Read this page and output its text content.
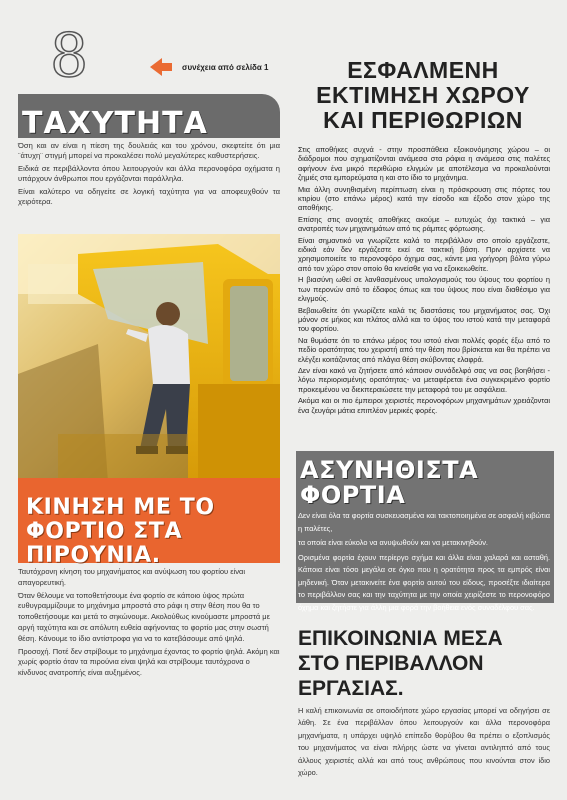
8	συνέχεια από σελίδα 1	ΕΣΦΑΛΜΕΝΗ
ΕΚΤΙΜΗΣΗ ΧΩΡΟΥ
ΚΑΙ ΠΕΡΙΘΩΡΙΩΝ

Στις αποθήκες συχνά - στην προσπάθεια εξοικονόμησης χώρου – οι διάδρομοι που σχηματίζονται ανάμεσα στα ράφια η ανάμεσα στις παλέτες αφήνουν ένα μικρό περιθώριο ελιγμών με αποτέλεσμα να προκαλούνται ζημιές στα εμπορεύματα η και στο ίδιο το μηχάνημα.

Μια άλλη συνηθισμένη περίπτωση είναι η πρόσκρουση στις πόρτες του κτιρίου (στο επάνω μέρος) κατά την είσοδο και έξοδο στον χώρο της αποθήκης.

Επίσης στις ανοιχτές αποθήκες ακούμε – ευτυχώς όχι τακτικά – για ανατροπές των μηχανημάτων από τις ράμπες φόρτωσης.

Είναι σημαντικό να γνωρίζετε καλά το περιβάλλον στο οποίο εργάζεστε, ειδικά εάν δεν εργάζεστε εκεί σε τακτική βάση. Πριν αρχίσετε να χρησιμοποιείτε το περονοφόρο όχημα σας, κάντε μια γρήγορη βόλτα γύρω από τον χώρο στον οποίο θα κινείσθε για να εξοικειωθείτε.

Η βιασύνη ωθεί σε λανθασμένους υπολογισμούς του ύψους του φορτίου η των περονών από το έδαφος όπως και του ύψους που είναι διαθέσιμο για ελιγμούς.

Βεβαιωθείτε ότι γνωρίζετε καλά τις διαστάσεις του μηχανήματος σας. Όχι μόνον σε μήκος και πλάτος αλλά και το ύψος του ιστού κατά την μεταφορά του φορτίου.

Να θυμάστε ότι το επάνω μέρος του ιστού είναι πολλές φορές έξω από το πεδίο ορατότητας του χειριστή από την θέση που βρίσκεται και θα πρέπει να ελέγξει κοιτάζοντας από πλάγια θέση σκύβοντας ελαφρά.

Δεν είναι κακό να ζητήσετε από κάποιον συνάδελφό σας να σας βοηθήσει - λόγω περιορισμένης ορατότητας- να μεταφέρεται ένα συγκεκριμένο φορτίο προκειμένου να διεκπεραιώσετε την μεταφορά του με ασφάλεια.

Ακόμα και οι πιο έμπειροι χειριστές περονοφόρων μηχανημάτων χρειάζονται ένα ζευγάρι μάτια επιπλέον μερικές φορές.

ΤΑΧΥΤΗΤΑ

Όση και αν είναι η πίεση της δουλειάς και του χρόνου, σκεφτείτε ότι μια ¨άτυχη¨ στιγμή μπορεί να προκαλέσει πολύ μεγαλύτερες καθυστερήσεις.

Ειδικά σε περιβάλλοντα όπου λειτουργούν και άλλα περονοφόρα οχήματα η υπάρχουν άνθρωποι που εργάζονται παράλληλα.

Είναι καλύτερο να οδηγείτε σε λογική ταχύτητα για να αποφευχθούν τα χειρότερα.

ΚΙΝΗΣΗ ΜΕ ΤΟ
ΦΟΡΤΙΟ ΣΤΑ
ΠΙΡΟΥΝΙΑ.

Ταυτόχρονη κίνηση του μηχανήματος και ανύψωση του φορτίου είναι απαγορευτική.

Όταν θέλουμε να τοποθετήσουμε ένα φορτίο σε κάποιο ύψος πρώτα ευθυγραμμίζουμε το μηχάνημα μπροστά στο ράφι η στην θέση που θα το τοποθετήσουμε και μετά το σηκώνουμε. Ακολούθως κινούμαστε μπροστά με αργή ταχύτητα και σε απόλυτη ευθεία αφήνοντας το φορτίο μας στην σωστή θέση. Κάνουμε το ίδιο αντίστροφα για να το κατεβάσουμε από ψηλά.

Προσοχή. Ποτέ δεν στρίβουμε το μηχάνημα έχοντας το φορτίο ψηλά. Ακόμη και χωρίς φορτίο όταν τα πιρούνια είναι ψηλά και στρίβουμε ταυτόχρονα ο κίνδυνος ανατροπής είναι αυξημένος.

ΑΣΥΝΗΘΙΣΤΑ
ΦΟΡΤΙΑ

Δεν είναι όλα τα φορτία συσκευασμένα και τακτοποιημένα σε ασφαλή κιβώτια η παλέτες,

τα οποία είναι εύκολο να ανυψωθούν και να μετακινηθούν.

Ορισμένα φορτία έχουν περίεργο σχήμα και άλλα είναι χαλαρά και ασταθή. Κάποια είναι τόσο μεγάλα σε όγκο που η ορατότητα προς τα εμπρός είναι μηδενική. Όταν μετακινείτε ένα φορτίο αυτού του είδους, προσέξτε ιδιαίτερα το περιβάλλον σας και την ταχύτητα με την οποία χειρίζεστε το περονοφόρο όχημα και ζητήστε για άλλη μια φορά την βοήθεια ενός συναδέλφου σας.

ΕΠΙΚΟΙΝΩΝΙΑ ΜΕΣΑ
ΣΤΟ ΠΕΡΙΒΑΛΛΟΝ
ΕΡΓΑΣΙΑΣ.

Η καλή επικοινωνία σε οποιοδήποτε χώρο εργασίας μπορεί να οδηγήσει σε λάθη. Σε ένα περιβάλλον όπου λειτουργούν και άλλα περονοφόρα μηχανήματα, η υπάρχει υψηλό επίπεδο θορύβου θα πρέπει ο εξοπλισμός του μηχανήματος να είναι πλήρης ώστε να γίνεται αντιληπτό από τους άλλους χειριστές αλλά και από τους ανθρώπους που κινούνται στον ίδιο χώρο.
